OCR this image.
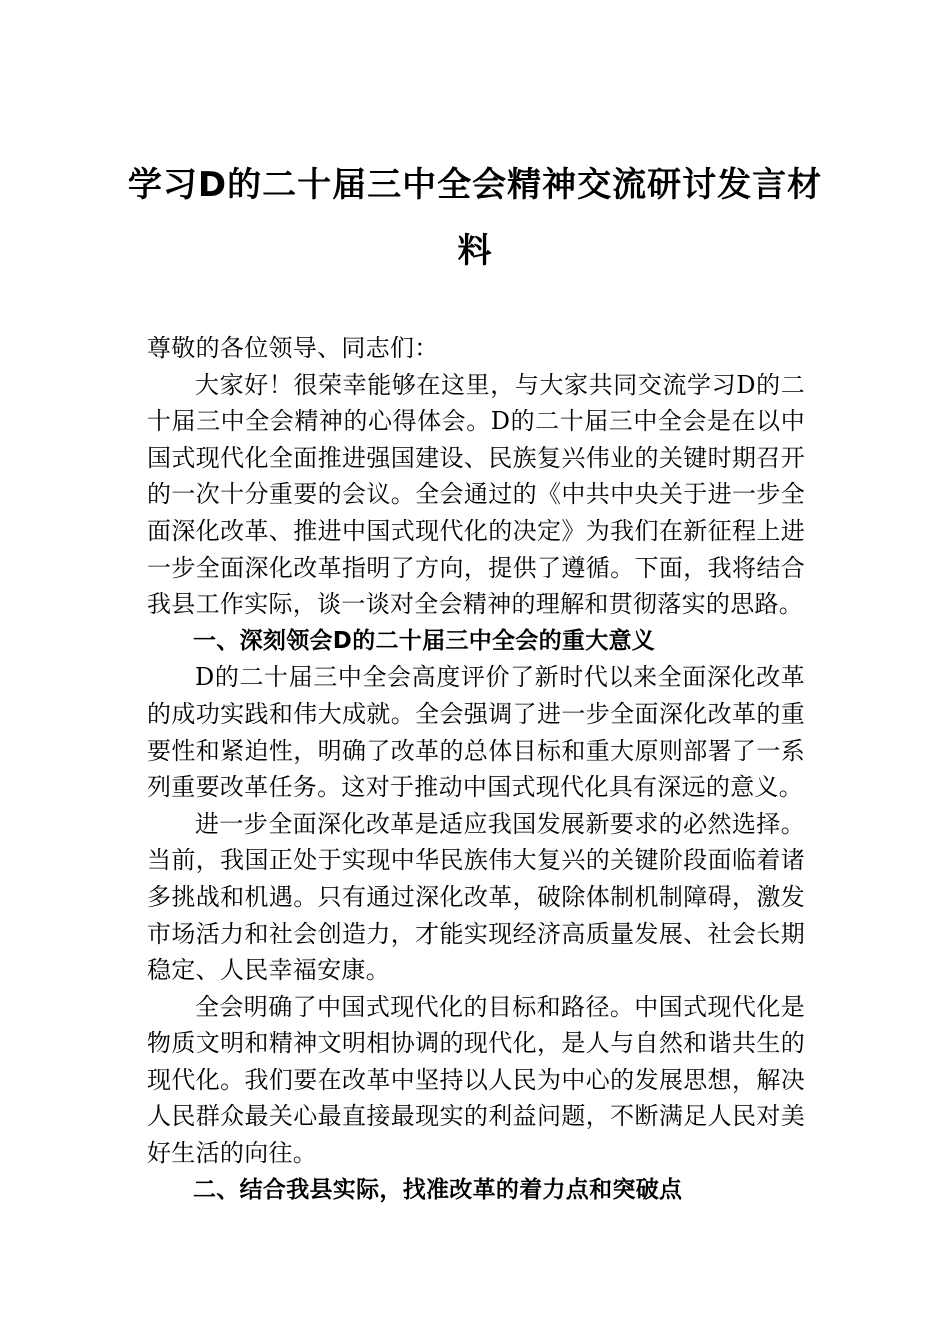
学习D的二十届三中全会精神交流研讨发言材料

尊敬的各位领导、同志们：

大家好！很荣幸能够在这里，与大家共同交流学习D的二十届三中全会精神的心得体会。D的二十届三中全会是在以中国式现代化全面推进强国建设、民族复兴伟业的关键时期召开的一次十分重要的会议。全会通过的《中共中央关于进一步全面深化改革、推进中国式现代化的决定》为我们在新征程上进一步全面深化改革指明了方向，提供了遵循。下面，我将结合我县工作实际，谈一谈对全会精神的理解和贯彻落实的思路。

一、深刻领会D的二十届三中全会的重大意义

D的二十届三中全会高度评价了新时代以来全面深化改革的成功实践和伟大成就。全会强调了进一步全面深化改革的重要性和紧迫性，明确了改革的总体目标和重大原则部署了一系列重要改革任务。这对于推动中国式现代化具有深远的意义。

进一步全面深化改革是适应我国发展新要求的必然选择。当前，我国正处于实现中华民族伟大复兴的关键阶段面临着诸多挑战和机遇。只有通过深化改革，破除体制机制障碍，激发市场活力和社会创造力，才能实现经济高质量发展、社会长期稳定、人民幸福安康。

全会明确了中国式现代化的目标和路径。中国式现代化是物质文明和精神文明相协调的现代化，是人与自然和谐共生的现代化。我们要在改革中坚持以人民为中心的发展思想，解决人民群众最关心最直接最现实的利益问题，不断满足人民对美好生活的向往。

二、结合我县实际，找准改革的着力点和突破点
